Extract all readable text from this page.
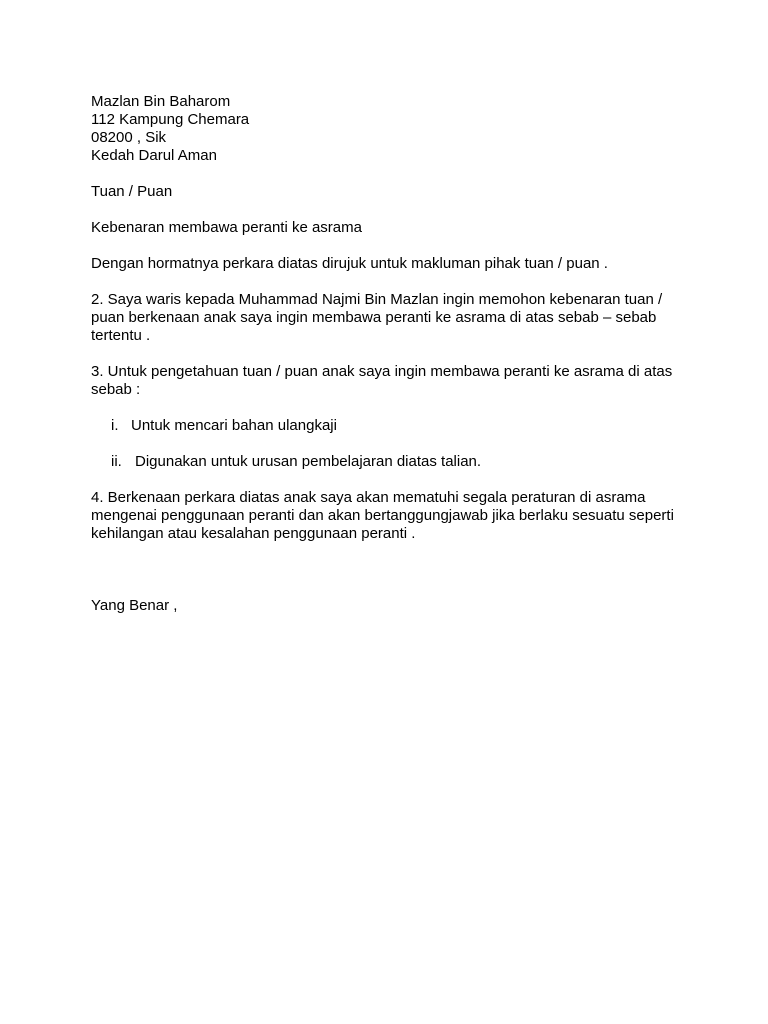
Mazlan Bin Baharom
112 Kampung Chemara
08200 , Sik
Kedah Darul Aman
Tuan / Puan
Kebenaran membawa peranti ke asrama
Dengan hormatnya perkara diatas dirujuk untuk makluman pihak tuan / puan .
2. Saya waris kepada Muhammad Najmi Bin Mazlan ingin memohon kebenaran tuan /
puan berkenaan anak saya ingin membawa peranti ke asrama di atas sebab – sebab
tertentu .
3. Untuk pengetahuan tuan / puan anak saya ingin membawa peranti ke asrama di atas
sebab :
i. Untuk mencari bahan ulangkaji
ii. Digunakan untuk urusan pembelajaran diatas talian.
4. Berkenaan perkara diatas anak saya akan mematuhi segala peraturan di asrama
mengenai penggunaan peranti dan akan bertanggungjawab jika berlaku sesuatu seperti
kehilangan atau kesalahan penggunaan peranti .
Yang Benar ,
